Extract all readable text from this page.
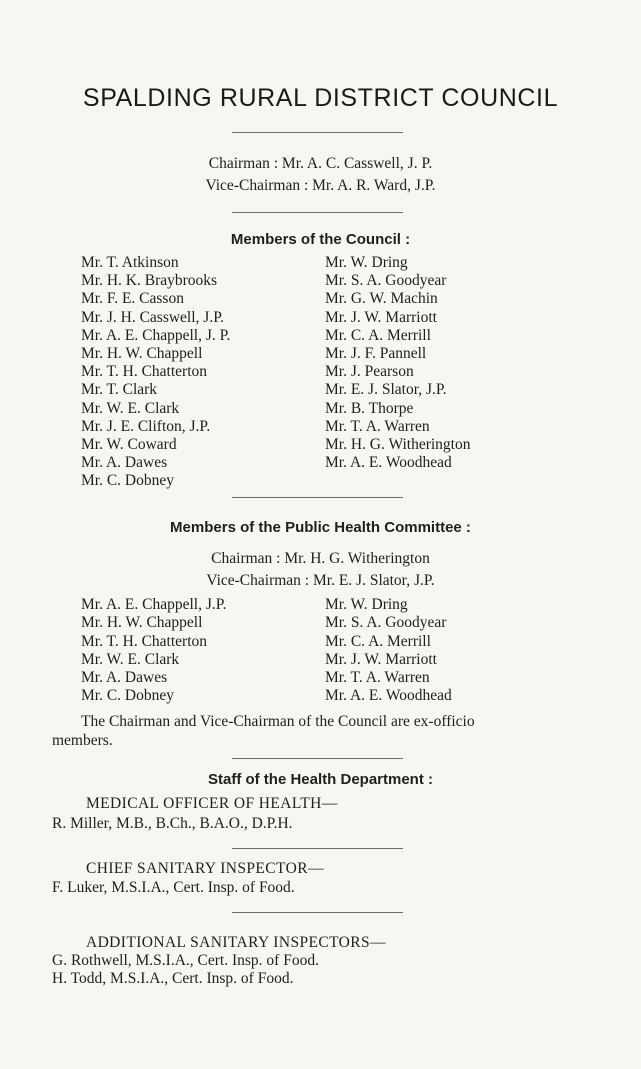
SPALDING RURAL DISTRICT COUNCIL
Chairman : Mr. A. C. Casswell, J. P.
Vice-Chairman : Mr. A. R. Ward, J.P.
Members of the Council :
Mr. T. Atkinson
Mr. H. K. Braybrooks
Mr. F. E. Casson
Mr. J. H. Casswell, J.P.
Mr. A. E. Chappell, J. P.
Mr. H. W. Chappell
Mr. T. H. Chatterton
Mr. T. Clark
Mr. W. E. Clark
Mr. J. E. Clifton, J.P.
Mr. W. Coward
Mr. A. Dawes
Mr. C. Dobney
Mr. W. Dring
Mr. S. A. Goodyear
Mr. G. W. Machin
Mr. J. W. Marriott
Mr. C. A. Merrill
Mr. J. F. Pannell
Mr. J. Pearson
Mr. E. J. Slator, J.P.
Mr. B. Thorpe
Mr. T. A. Warren
Mr. H. G. Witherington
Mr. A. E. Woodhead
Members of the Public Health Committee :
Chairman : Mr. H. G. Witherington
Vice-Chairman : Mr. E. J. Slator, J.P.
Mr. A. E. Chappell, J.P.
Mr. H. W. Chappell
Mr. T. H. Chatterton
Mr. W. E. Clark
Mr. A. Dawes
Mr. C. Dobney
Mr. W. Dring
Mr. S. A. Goodyear
Mr. C. A. Merrill
Mr. J. W. Marriott
Mr. T. A. Warren
Mr. A. E. Woodhead
The Chairman and Vice-Chairman of the Council are ex-officio
members.
Staff of the Health Department :
MEDICAL OFFICER OF HEALTH—
R. Miller, M.B., B.Ch., B.A.O., D.P.H.
CHIEF SANITARY INSPECTOR—
F. Luker, M.S.I.A., Cert. Insp. of Food.
ADDITIONAL SANITARY INSPECTORS—
G. Rothwell, M.S.I.A., Cert. Insp. of Food.
H. Todd, M.S.I.A., Cert. Insp. of Food.
